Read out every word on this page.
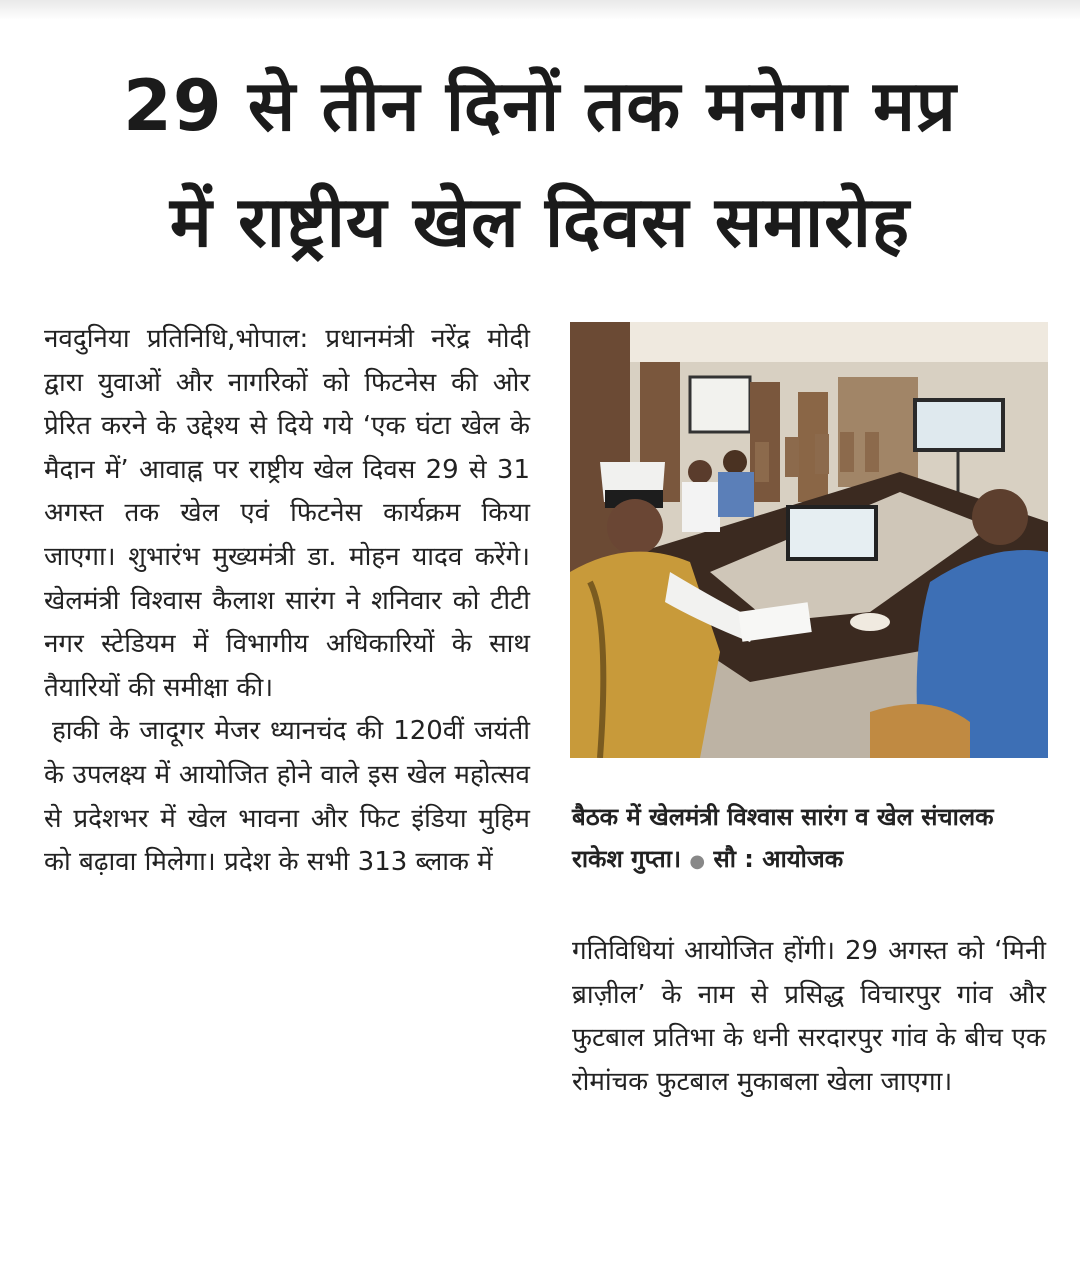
29 से तीन दिनों तक मनेगा मप्र
में राष्ट्रीय खेल दिवस समारोह

नवदुनिया प्रतिनिधि,भोपाल: प्रधानमंत्री नरेंद्र मोदी द्वारा युवाओं और नागरिकों को फिटनेस की ओर प्रेरित करने के उद्देश्य से दिये गये ‘एक घंटा खेल के मैदान में’ आवाह्न पर राष्ट्रीय खेल दिवस 29 से 31 अगस्त तक खेल एवं फिटनेस कार्यक्रम किया जाएगा। शुभारंभ मुख्यमंत्री डा. मोहन यादव करेंगे। खेलमंत्री विश्वास कैलाश सारंग ने शनिवार को टीटी नगर स्टेडियम में विभागीय अधिकारियों के साथ तैयारियों की समीक्षा की।

हाकी के जादूगर मेजर ध्यानचंद की 120वीं जयंती के उपलक्ष्य में आयोजित होने वाले इस खेल महोत्सव से प्रदेशभर में खेल भावना और फिट इंडिया मुहिम को बढ़ावा मिलेगा। प्रदेश के सभी 313 ब्लाक में

बैठक में खेलमंत्री विश्वास सारंग व खेल संचालक राकेश गुप्ता। ● सौ : आयोजक

गतिविधियां आयोजित होंगी। 29 अगस्त को ‘मिनी ब्राज़ील’ के नाम से प्रसिद्ध विचारपुर गांव और फुटबाल प्रतिभा के धनी सरदारपुर गांव के बीच एक रोमांचक फुटबाल मुकाबला खेला जाएगा।
